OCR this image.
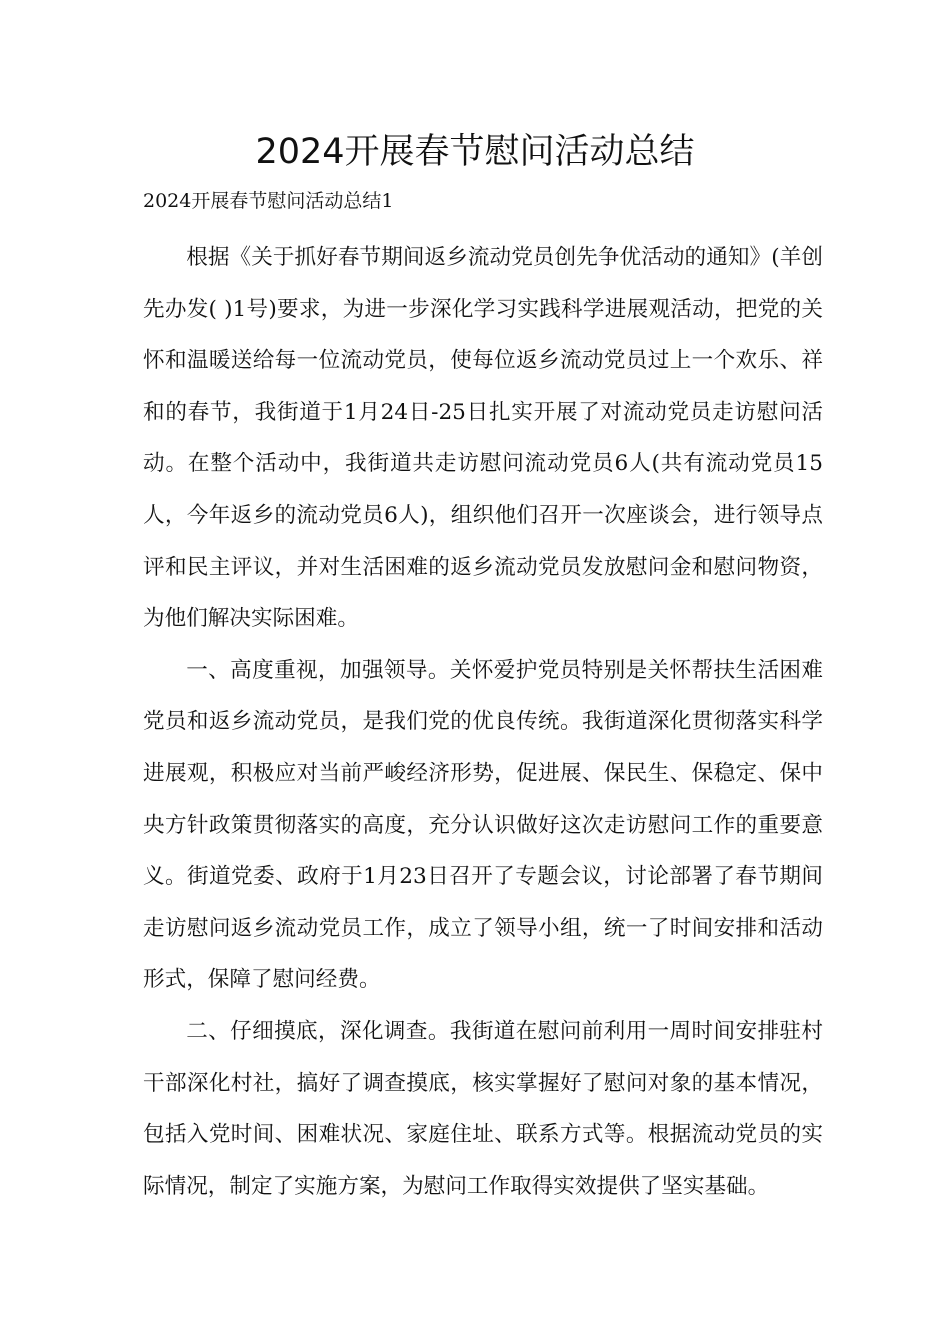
2024开展春节慰问活动总结

2024开展春节慰问活动总结1

根据《关于抓好春节期间返乡流动党员创先争优活动的通知》(羊创先办发( )1号)要求，为进一步深化学习实践科学进展观活动，把党的关怀和温暖送给每一位流动党员，使每位返乡流动党员过上一个欢乐、祥和的春节，我街道于1月24日-25日扎实开展了对流动党员走访慰问活动。在整个活动中，我街道共走访慰问流动党员6人(共有流动党员15人，今年返乡的流动党员6人)，组织他们召开一次座谈会，进行领导点评和民主评议，并对生活困难的返乡流动党员发放慰问金和慰问物资，为他们解决实际困难。

一、高度重视，加强领导。关怀爱护党员特别是关怀帮扶生活困难党员和返乡流动党员，是我们党的优良传统。我街道深化贯彻落实科学进展观，积极应对当前严峻经济形势，促进展、保民生、保稳定、保中央方针政策贯彻落实的高度，充分认识做好这次走访慰问工作的重要意义。街道党委、政府于1月23日召开了专题会议，讨论部署了春节期间走访慰问返乡流动党员工作，成立了领导小组，统一了时间安排和活动形式，保障了慰问经费。

二、仔细摸底，深化调查。我街道在慰问前利用一周时间安排驻村干部深化村社，搞好了调查摸底，核实掌握好了慰问对象的基本情况，包括入党时间、困难状况、家庭住址、联系方式等。根据流动党员的实际情况，制定了实施方案，为慰问工作取得实效提供了坚实基础。
